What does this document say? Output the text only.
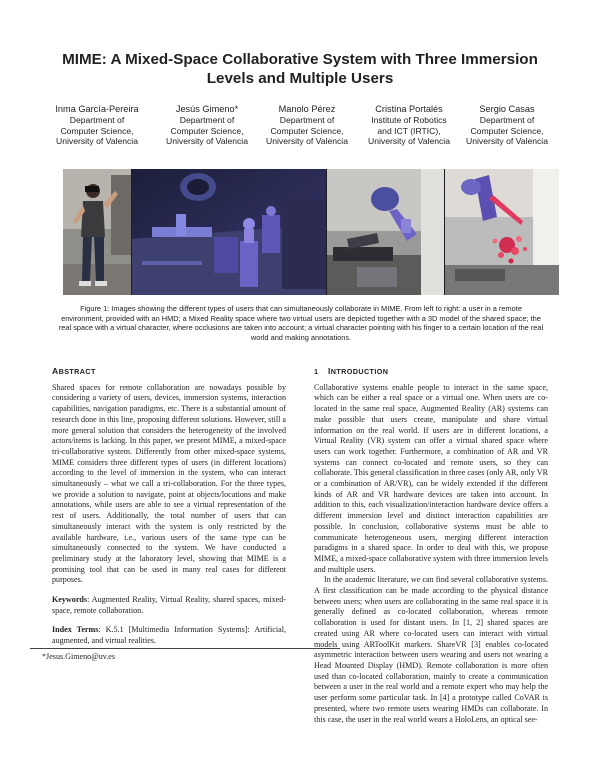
MIME: A Mixed-Space Collaborative System with Three Immersion Levels and Multiple Users
Inma García-Pereira
Department of
Computer Science,
University of Valencia
Jesús Gimeno*
Department of
Computer Science,
University of Valencia
Manolo Pérez
Department of
Computer Science,
University of Valencia
Cristina Portalés
Institute of Robotics
and ICT (IRTIC),
University of Valencia
Sergio Casas
Department of
Computer Science,
University of Valencia
Figure 1: Images showing the different types of users that can simultaneously collaborate in MIME. From left to right: a user in a remote environment, provided with an HMD; a Mixed Reality space where two virtual users are depicted together with a 3D model of the shared space; the real space with a virtual character, where occlusions are taken into account; a virtual character pointing with his finger to a certain location of the real world and making annotations.
ABSTRACT

Shared spaces for remote collaboration are nowadays possible by considering a variety of users, devices, immersion systems, interaction capabilities, navigation paradigms, etc. There is a substantial amount of research done in this line, proposing different solutions. However, still a more general solution that considers the heterogeneity of the involved actors/items is lacking. In this paper, we present MIME, a mixed-space tri-collaborative system. Differently from other mixed-space systems, MIME considers three different types of users (in different locations) according to the level of immersion in the system, who can interact simultaneously – what we call a tri-collaboration. For the three types, we provide a solution to navigate, point at objects/locations and make annotations, while users are able to see a virtual representation of the rest of users. Additionally, the total number of users that can simultaneously interact with the system is only restricted by the available hardware, i.e., various users of the same type can be simultaneously connected to the system. We have conducted a preliminary study at the laboratory level, showing that MIME is a promising tool that can be used in many real cases for different purposes.

Keywords: Augmented Reality, Virtual Reality, shared spaces, mixed-space, remote collaboration.

Index Terms: K.5.1 [Multimedia Information Systems]: Artificial, augmented, and virtual realities.

*Jesus.Gimeno@uv.es
1 INTRODUCTION

Collaborative systems enable people to interact in the same space, which can be either a real space or a virtual one. When users are co-located in the same real space, Augmented Reality (AR) systems can make possible that users create, manipulate and share virtual information on the real world. If users are in different locations, a Virtual Reality (VR) system can offer a virtual shared space where users can work together. Furthermore, a combination of AR and VR systems can connect co-located and remote users, so they can collaborate. This general classification in three cases (only AR, only VR or a combination of AR/VR), can be widely extended if the different kinds of AR and VR hardware devices are taken into account. In addition to this, each visualization/interaction hardware device offers a different immersion level and distinct interaction capabilities are possible. In conclusion, collaborative systems must be able to communicate heterogeneous users, merging different interaction paradigms in a shared space. In order to deal with this, we propose MIME, a mixed-space collaborative system with three immersion levels and multiple users.

In the academic literature, we can find several collaborative systems. A first classification can be made according to the physical distance between users; when users are collaborating in the same real space it is generally defined as co-located collaboration, whereas remote collaboration is used for distant users. In [1, 2] shared spaces are created using AR where co-located users can interact with virtual models using ARToolKit markers. ShareVR [3] enables co-located asymmetric interaction between users wearing and users not wearing a Head Mounted Display (HMD). Remote collaboration is more often used than co-located collaboration, mainly to create a communication between a user in the real world and a remote expert who may help the user perform some particular task. In [4] a prototype called CoVAR is presented, where two remote users wearing HMDs can collaborate. In this case, the user in the real world wears a HoloLens, an optical see-
